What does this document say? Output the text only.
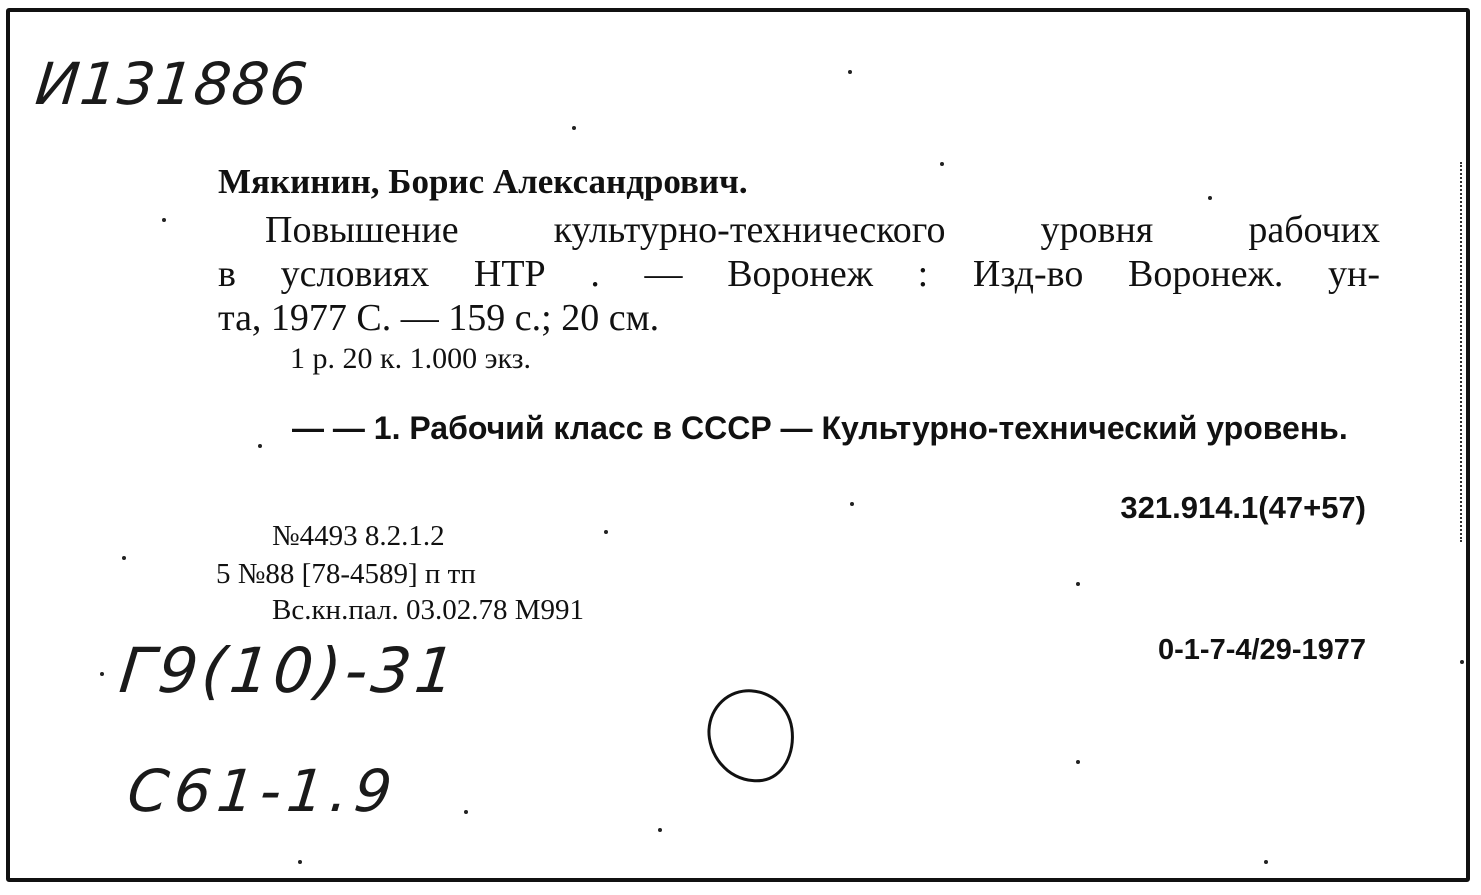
И131886
Мякинин, Борис Александрович.
Повышение культурно-технического уровня рабочих
в условиях НТР . — Воронеж : Изд-во Воронеж. ун-
та, 1977 С. — 159 с.; 20 см.
1 р. 20 к. 1.000 экз.
— — 1. Рабочий класс в СССР — Культурно-технический уровень.
321.914.1(47+57)
№4493 8.2.1.2
5 №88 [78-4589] п тп
Вс.кн.пал. 03.02.78 М991
0-1-7-4/29-1977
Г9(10)-31
С61-1.9
